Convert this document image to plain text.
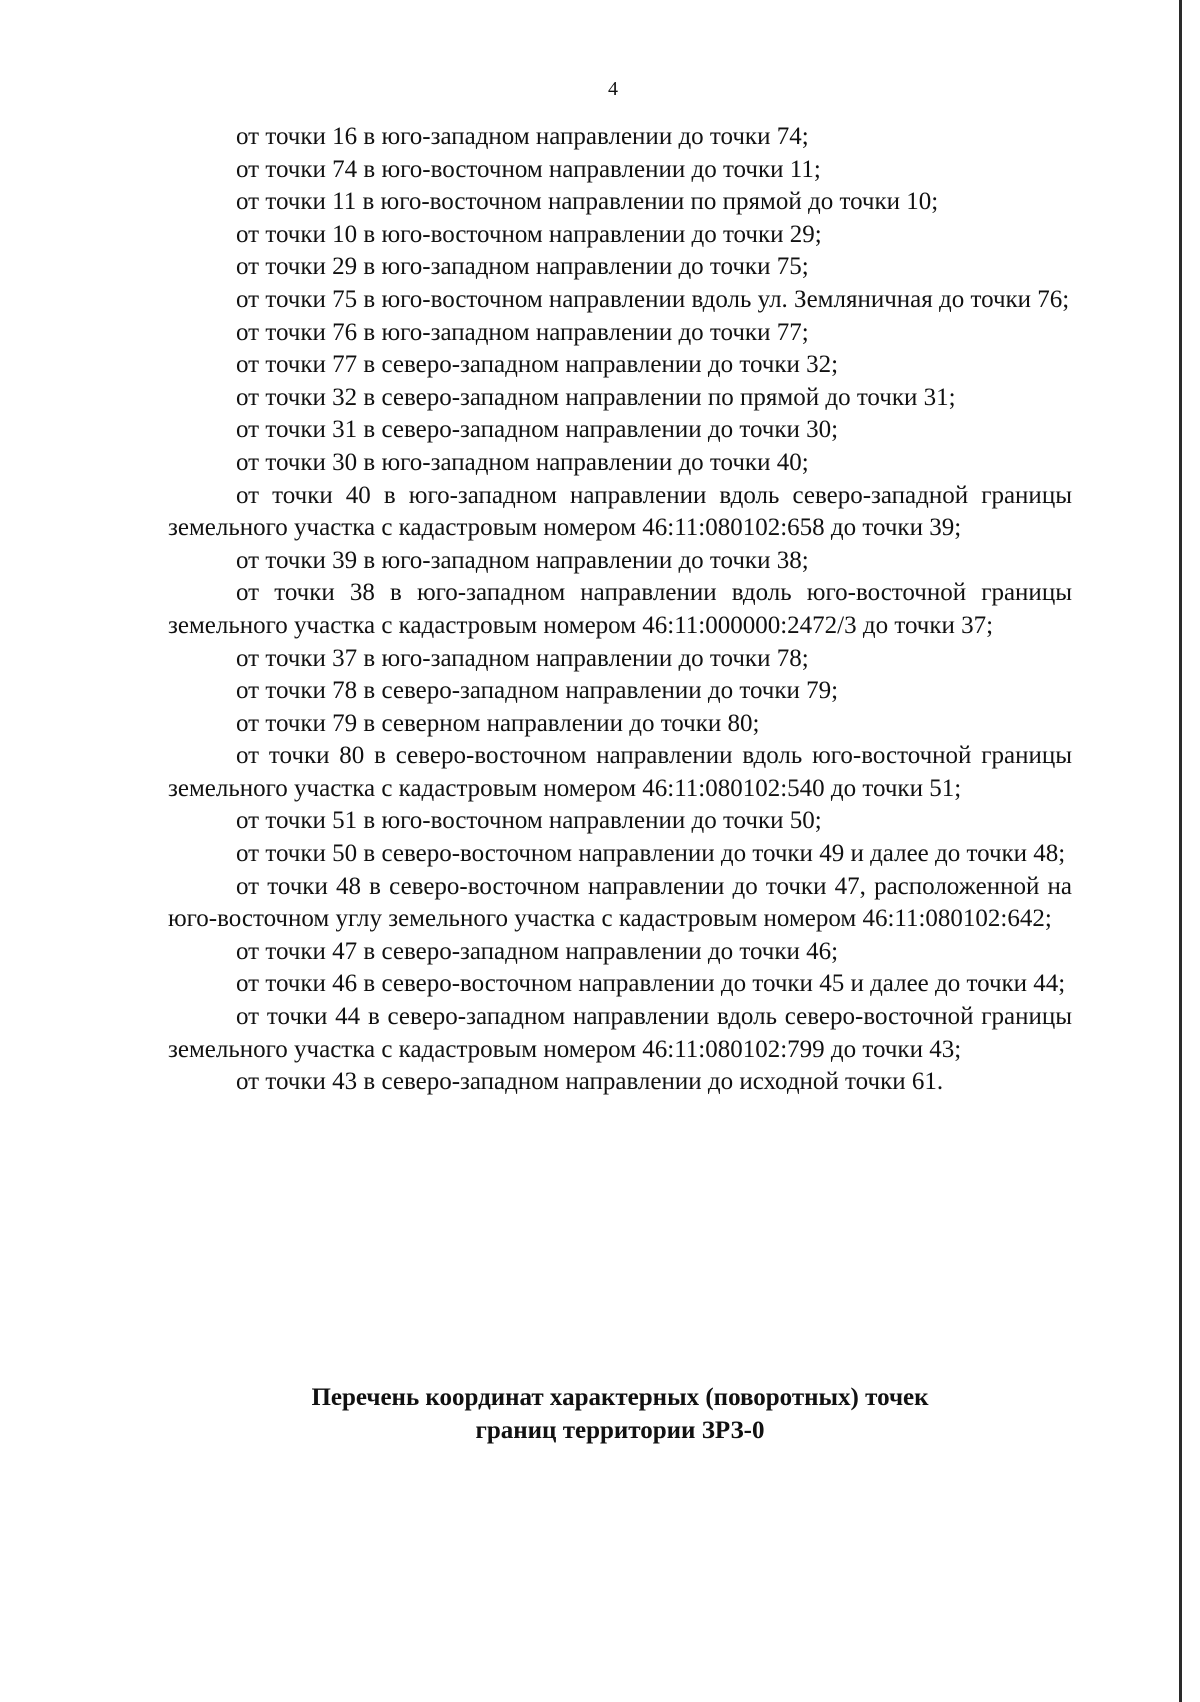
4

от точки 16 в юго-западном направлении до точки 74;

от точки 74 в юго-восточном направлении до точки 11;

от точки 11 в юго-восточном направлении по прямой до точки 10;

от точки 10 в юго-восточном направлении до точки 29;

от точки 29 в юго-западном направлении до точки 75;

от точки 75 в юго-восточном направлении вдоль ул. Земляничная до точки 76;

от точки 76 в юго-западном направлении до точки 77;

от точки 77 в северо-западном направлении до точки 32;

от точки 32 в северо-западном направлении по прямой до точки 31;

от точки 31 в северо-западном направлении до точки 30;

от точки 30 в юго-западном направлении до точки 40;

от точки 40 в юго-западном направлении вдоль северо-западной границы земельного участка с кадастровым номером 46:11:080102:658 до точки 39;

от точки 39 в юго-западном направлении до точки 38;

от точки 38 в юго-западном направлении вдоль юго-восточной границы земельного участка с кадастровым номером 46:11:000000:2472/3 до точки 37;

от точки 37 в юго-западном направлении до точки 78;

от точки 78 в северо-западном направлении до точки 79;

от точки 79 в северном направлении до точки 80;

от точки 80 в северо-восточном направлении вдоль юго-восточной границы земельного участка с кадастровым номером 46:11:080102:540 до точки 51;

от точки 51 в юго-восточном направлении до точки 50;

от точки 50 в северо-восточном направлении до точки 49 и далее до точки 48;

от точки 48 в северо-восточном направлении до точки 47, расположенной на юго-восточном углу земельного участка с кадастровым номером 46:11:080102:642;

от точки 47 в северо-западном направлении до точки 46;

от точки 46 в северо-восточном направлении до точки 45 и далее до точки 44;

от точки 44 в северо-западном направлении вдоль северо-восточной границы земельного участка с кадастровым номером 46:11:080102:799 до точки 43;

от точки 43 в северо-западном направлении до исходной точки 61.

Перечень координат характерных (поворотных) точек
границ территории ЗРЗ-0
